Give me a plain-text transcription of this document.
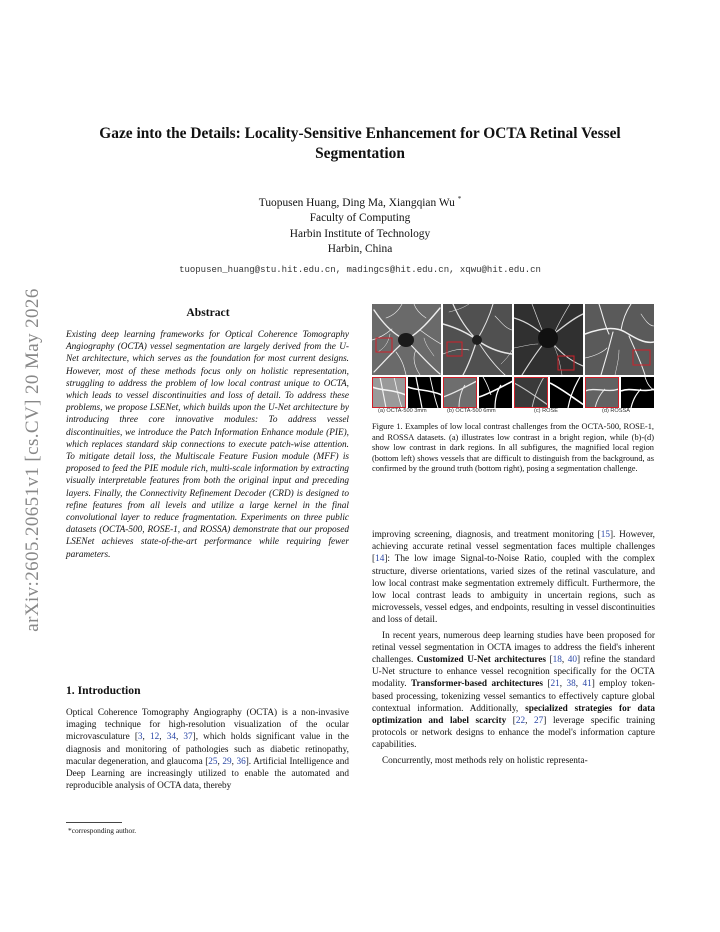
arXiv:2605.20651v1 [cs.CV] 20 May 2026
Gaze into the Details: Locality-Sensitive Enhancement for OCTA Retinal Vessel Segmentation
Tuopusen Huang, Ding Ma, Xiangqian Wu *
Faculty of Computing
Harbin Institute of Technology
Harbin, China
tuopusen_huang@stu.hit.edu.cn, madingcs@hit.edu.cn, xqwu@hit.edu.cn
Abstract

Existing deep learning frameworks for Optical Coherence Tomography Angiography (OCTA) vessel segmentation are largely derived from the U-Net architecture, which serves as the foundation for most current designs. However, most of these methods focus only on holistic representation, struggling to address the problem of low local contrast unique to OCTA, which leads to vessel discontinuities and loss of detail. To address these problems, we propose LSENet, which builds upon the U-Net architecture by introducing three core innovative modules: To address vessel discontinuities, we introduce the Patch Information Enhance module (PIE), which replaces standard skip connections to execute patch-wise attention. To mitigate detail loss, the Multiscale Feature Fusion module (MFF) is proposed to feed the PIE module rich, multi-scale information by extracting visually interpretable features from both the original input and preceding layers. Finally, the Connectivity Refinement Decoder (CRD) is designed to refine features from all levels and utilize a large kernel in the final convolutional layer to reduce fragmentation. Experiments on three public datasets (OCTA-500, ROSE-1, and ROSSA) demonstrate that our proposed LSENet achieves state-of-the-art performance while requiring fewer parameters.

1. Introduction

Optical Coherence Tomography Angiography (OCTA) is a non-invasive imaging technique for high-resolution visualization of the ocular microvasculature [3, 12, 34, 37], which holds significant value in the diagnosis and monitoring of pathologies such as diabetic retinopathy, macular degeneration, and glaucoma [25, 29, 36]. Artificial Intelligence and Deep Learning are increasingly utilized to enable the automated and reproducible analysis of OCTA data, thereby

*corresponding author.
(a) OCTA-500 3mm	(b) OCTA-500 6mm	(c) ROSE	(d) ROSSA

Figure 1. Examples of low local contrast challenges from the OCTA-500, ROSE-1, and ROSSA datasets. (a) illustrates low contrast in a bright region, while (b)-(d) show low contrast in dark regions. In all subfigures, the magnified local region (bottom left) shows vessels that are difficult to distinguish from the background, as confirmed by the ground truth (bottom right), posing a segmentation challenge.

improving screening, diagnosis, and treatment monitoring [15]. However, achieving accurate retinal vessel segmentation faces multiple challenges [14]: The low image Signal-to-Noise Ratio, coupled with the complex structure, diverse orientations, varied sizes of the retinal vasculature, and low local contrast make segmentation extremely difficult. Furthermore, the low local contrast leads to ambiguity in uncertain regions, such as microvessels, vessel edges, and endpoints, resulting in vessel discontinuities and loss of detail.

In recent years, numerous deep learning studies have been proposed for retinal vessel segmentation in OCTA images to address the field's inherent challenges. Customized U-Net architectures [18, 40] refine the standard U-Net structure to enhance vessel recognition specifically for the OCTA modality. Transformer-based architectures [21, 38, 41] employ token-based processing, tokenizing vessel semantics to effectively capture global contextual information. Additionally, specialized strategies for data optimization and label scarcity [22, 27] leverage specific training protocols or network designs to enhance the model's information capture capabilities.

Concurrently, most methods rely on holistic representa-
